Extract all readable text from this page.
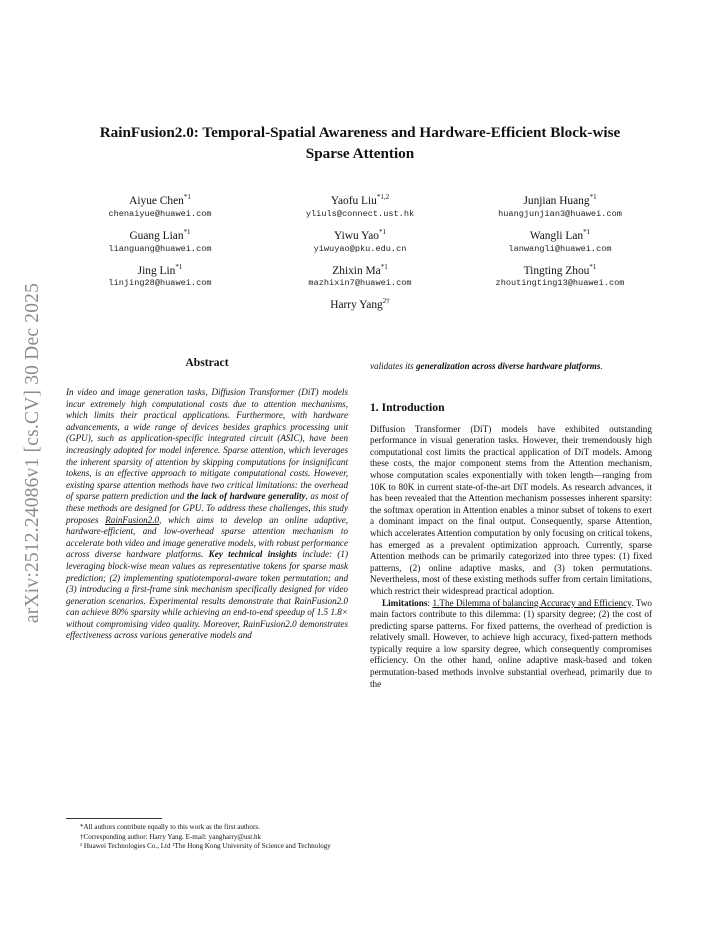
arXiv:2512.24086v1 [cs.CV] 30 Dec 2025
RainFusion2.0: Temporal-Spatial Awareness and Hardware-Efficient Block-wise
Sparse Attention
Aiyue Chen$^{*1}$
chenaiyue@huawei.com
Yaofu Liu$^{*1,2}$
yliuls@connect.ust.hk
Junjian Huang$^{*1}$
huangjunjian3@huawei.com
Guang Lian$^{*1}$
lianguang@huawei.com
Yiwu Yao$^{*1}$
yiwuyao@pku.edu.cn
Wangli Lan$^{*1}$
lanwangli@huawei.com
Jing Lin$^{*1}$
linjing28@huawei.com
Zhixin Ma$^{*1}$
mazhixin7@huawei.com
Tingting Zhou$^{*1}$
zhoutingting13@huawei.com
Harry Yang$^{2\dagger}$
Abstract

In video and image generation tasks, Diffusion Transformer (DiT) models incur extremely high computational costs due to attention mechanisms, which limits their practical applications. Furthermore, with hardware advancements, a wide range of devices besides graphics processing unit (GPU), such as application-specific integrated circuit (ASIC), have been increasingly adopted for model inference. Sparse attention, which leverages the inherent sparsity of attention by skipping computations for insignificant tokens, is an effective approach to mitigate computational costs. However, existing sparse attention methods have two critical limitations: the overhead of sparse pattern prediction and the lack of hardware generality, as most of these methods are designed for GPU. To address these challenges, this study proposes RainFusion2.0, which aims to develop an online adaptive, hardware-efficient, and low-overhead sparse attention mechanism to accelerate both video and image generative models, with robust performance across diverse hardware platforms. Key technical insights include: (1) leveraging block-wise mean values as representative tokens for sparse mask prediction; (2) implementing spatiotemporal-aware token permutation; and (3) introducing a first-frame sink mechanism specifically designed for video generation scenarios. Experimental results demonstrate that RainFusion2.0 can achieve 80% sparsity while achieving an end-to-end speedup of 1.5 1.8× without compromising video quality. Moreover, RainFusion2.0 demonstrates effectiveness across various generative models and

*All authors contribute equally to this work as the first authors.

†Corresponding author: Harry Yang. E-mail: yangharry@ust.hk

¹ Huawei Technologies Co., Ltd ²The Hong Kong University of Science and Technology

validates its generalization across diverse hardware platforms.

1. Introduction

Diffusion Transformer (DiT) models have exhibited outstanding performance in visual generation tasks. However, their tremendously high computational cost limits the practical application of DiT models. Among these costs, the major component stems from the Attention mechanism, whose computation scales exponentially with token length—ranging from 10K to 80K in current state-of-the-art DiT models. As research advances, it has been revealed that the Attention mechanism possesses inherent sparsity: the softmax operation in Attention enables a minor subset of tokens to exert a dominant impact on the final output. Consequently, sparse Attention, which accelerates Attention computation by only focusing on critical tokens, has emerged as a prevalent optimization approach. Currently, sparse Attention methods can be primarily categorized into three types: (1) fixed patterns, (2) online adaptive masks, and (3) token permutations. Nevertheless, most of these existing methods suffer from certain limitations, which restrict their widespread practical adoption.

Limitations: 1.The Dilemma of balancing Accuracy and Efficiency. Two main factors contribute to this dilemma: (1) sparsity degree; (2) the cost of predicting sparse patterns. For fixed patterns, the overhead of prediction is relatively small. However, to achieve high accuracy, fixed-pattern methods typically require a low sparsity degree, which consequently compromises efficiency. On the other hand, online adaptive mask-based and token permutation-based methods involve substantial overhead, primarily due to the
